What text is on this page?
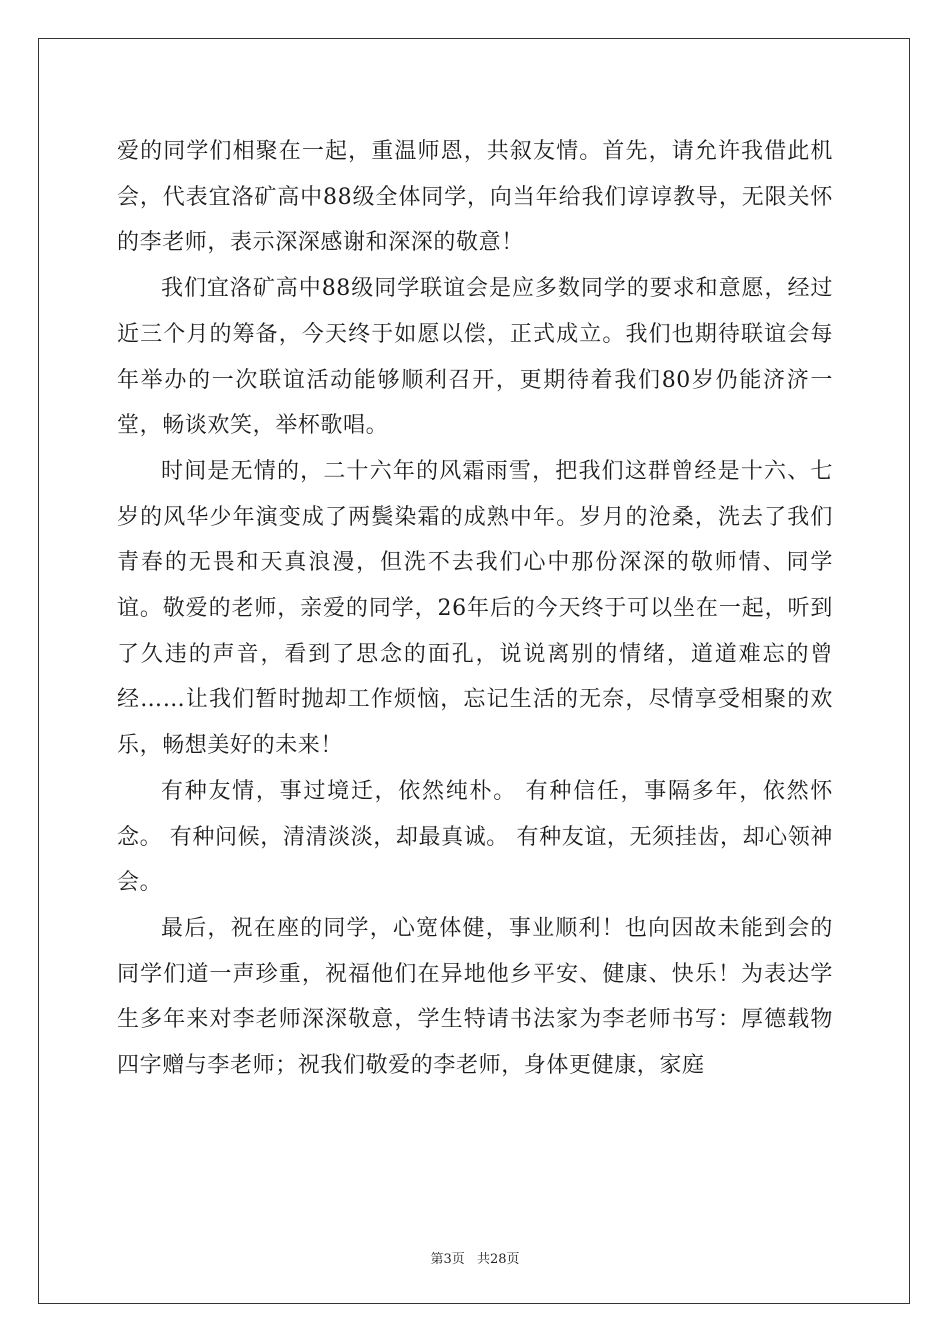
爱的同学们相聚在一起，重温师恩，共叙友情。首先，请允许我借此机会，代表宜洛矿高中88级全体同学，向当年给我们谆谆教导，无限关怀的李老师，表示深深感谢和深深的敬意！

我们宜洛矿高中88级同学联谊会是应多数同学的要求和意愿，经过近三个月的筹备，今天终于如愿以偿，正式成立。我们也期待联谊会每年举办的一次联谊活动能够顺利召开，更期待着我们80岁仍能济济一堂，畅谈欢笑，举杯歌唱。

时间是无情的，二十六年的风霜雨雪，把我们这群曾经是十六、七岁的风华少年演变成了两鬓染霜的成熟中年。岁月的沧桑，洗去了我们青春的无畏和天真浪漫，但洗不去我们心中那份深深的敬师情、同学谊。敬爱的老师，亲爱的同学，26年后的今天终于可以坐在一起，听到了久违的声音，看到了思念的面孔，说说离别的情绪，道道难忘的曾经……让我们暂时抛却工作烦恼，忘记生活的无奈，尽情享受相聚的欢乐，畅想美好的未来！

有种友情，事过境迁，依然纯朴。 有种信任，事隔多年，依然怀念。 有种问候，清清淡淡，却最真诚。 有种友谊，无须挂齿，却心领神会。

最后，祝在座的同学，心宽体健，事业顺利！也向因故未能到会的同学们道一声珍重，祝福他们在异地他乡平安、健康、快乐！为表达学生多年来对李老师深深敬意，学生特请书法家为李老师书写：厚德载物 四字赠与李老师；祝我们敬爱的李老师，身体更健康，家庭

第3页 共28页
